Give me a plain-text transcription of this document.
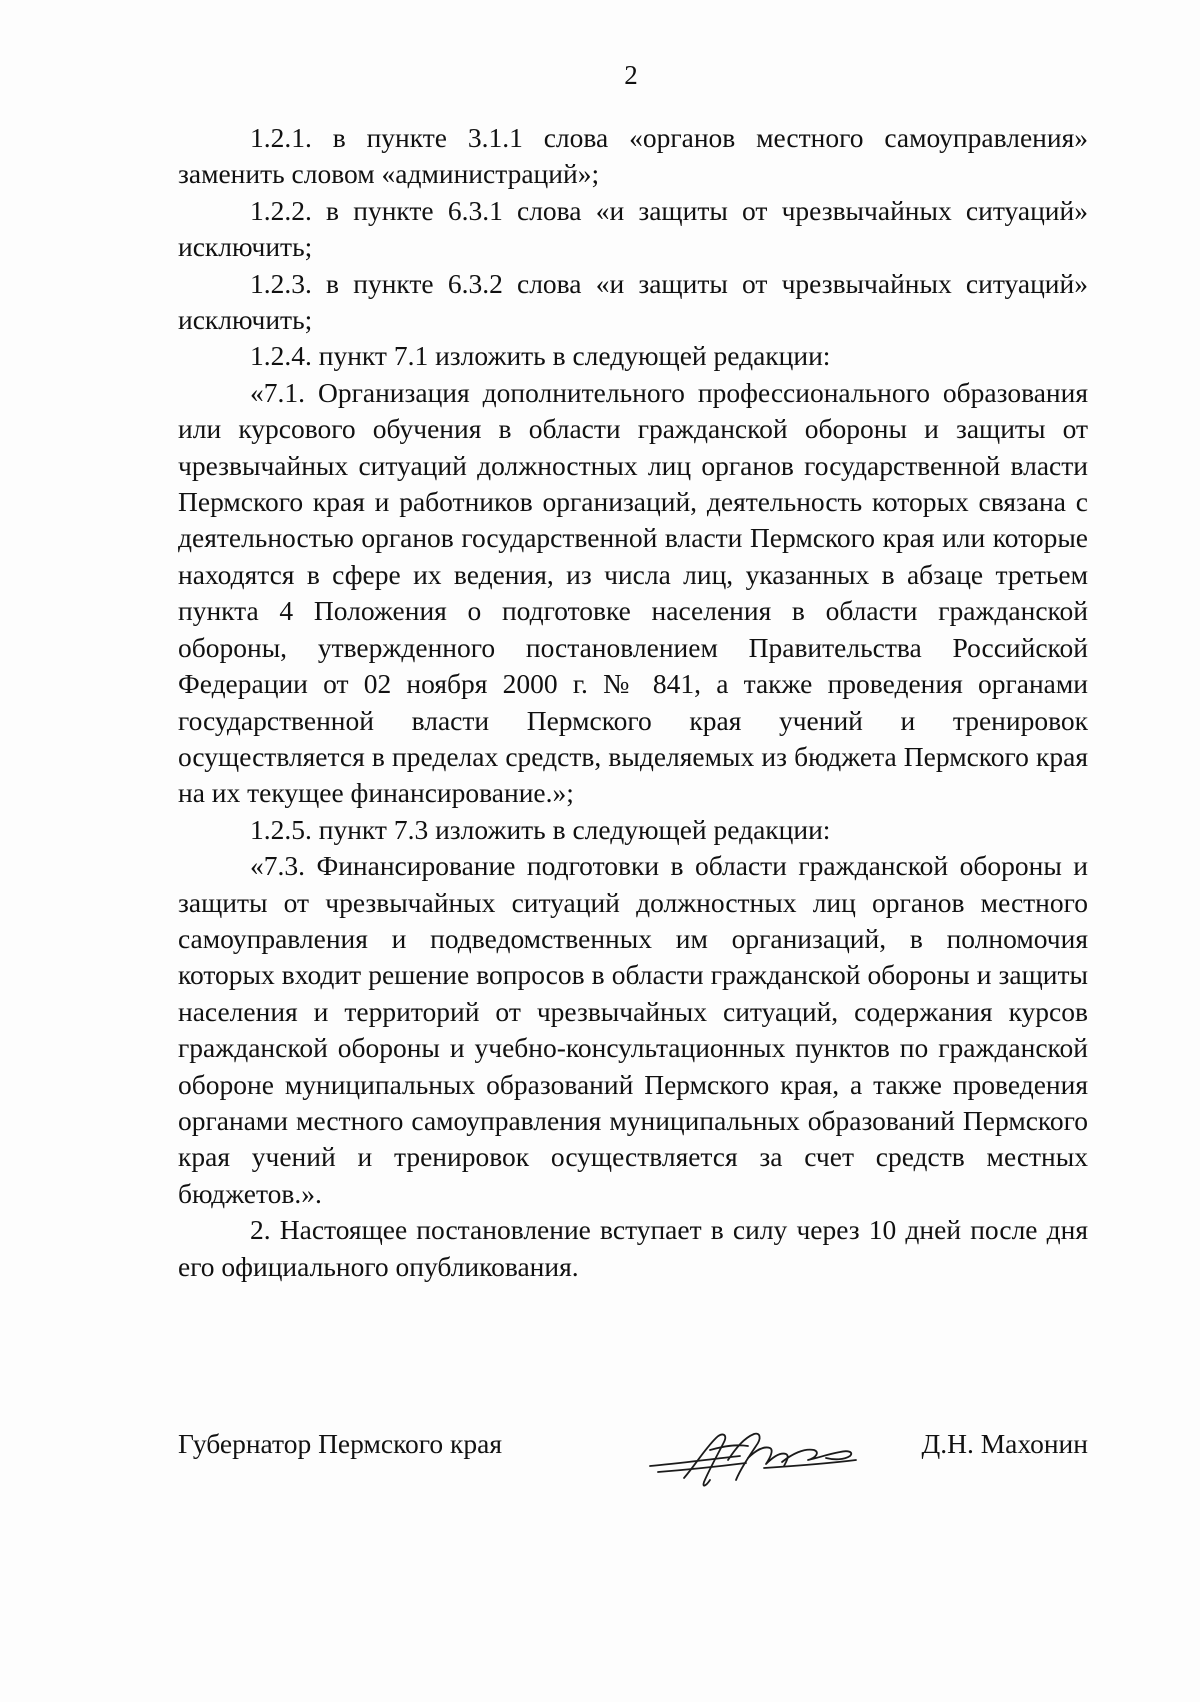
2

1.2.1. в пункте 3.1.1 слова «органов местного самоуправления» заменить словом «администраций»;

1.2.2. в пункте 6.3.1 слова «и защиты от чрезвычайных ситуаций» исключить;

1.2.3. в пункте 6.3.2 слова «и защиты от чрезвычайных ситуаций» исключить;

1.2.4. пункт 7.1 изложить в следующей редакции:

«7.1. Организация дополнительного профессионального образования или курсового обучения в области гражданской обороны и защиты от чрезвычайных ситуаций должностных лиц органов государственной власти Пермского края и работников организаций, деятельность которых связана с деятельностью органов государственной власти Пермского края или которые находятся в сфере их ведения, из числа лиц, указанных в абзаце третьем пункта 4 Положения о подготовке населения в области гражданской обороны, утвержденного постановлением Правительства Российской Федерации от 02 ноября 2000 г. № 841, а также проведения органами государственной власти Пермского края учений и тренировок осуществляется в пределах средств, выделяемых из бюджета Пермского края на их текущее финансирование.»;

1.2.5. пункт 7.3 изложить в следующей редакции:

«7.3. Финансирование подготовки в области гражданской обороны и защиты от чрезвычайных ситуаций должностных лиц органов местного самоуправления и подведомственных им организаций, в полномочия которых входит решение вопросов в области гражданской обороны и защиты населения и территорий от чрезвычайных ситуаций, содержания курсов гражданской обороны и учебно-консультационных пунктов по гражданской обороне муниципальных образований Пермского края, а также проведения органами местного самоуправления муниципальных образований Пермского края учений и тренировок осуществляется за счет средств местных бюджетов.».

2. Настоящее постановление вступает в силу через 10 дней после дня его официального опубликования.

Губернатор Пермского края	Д.Н. Махонин
